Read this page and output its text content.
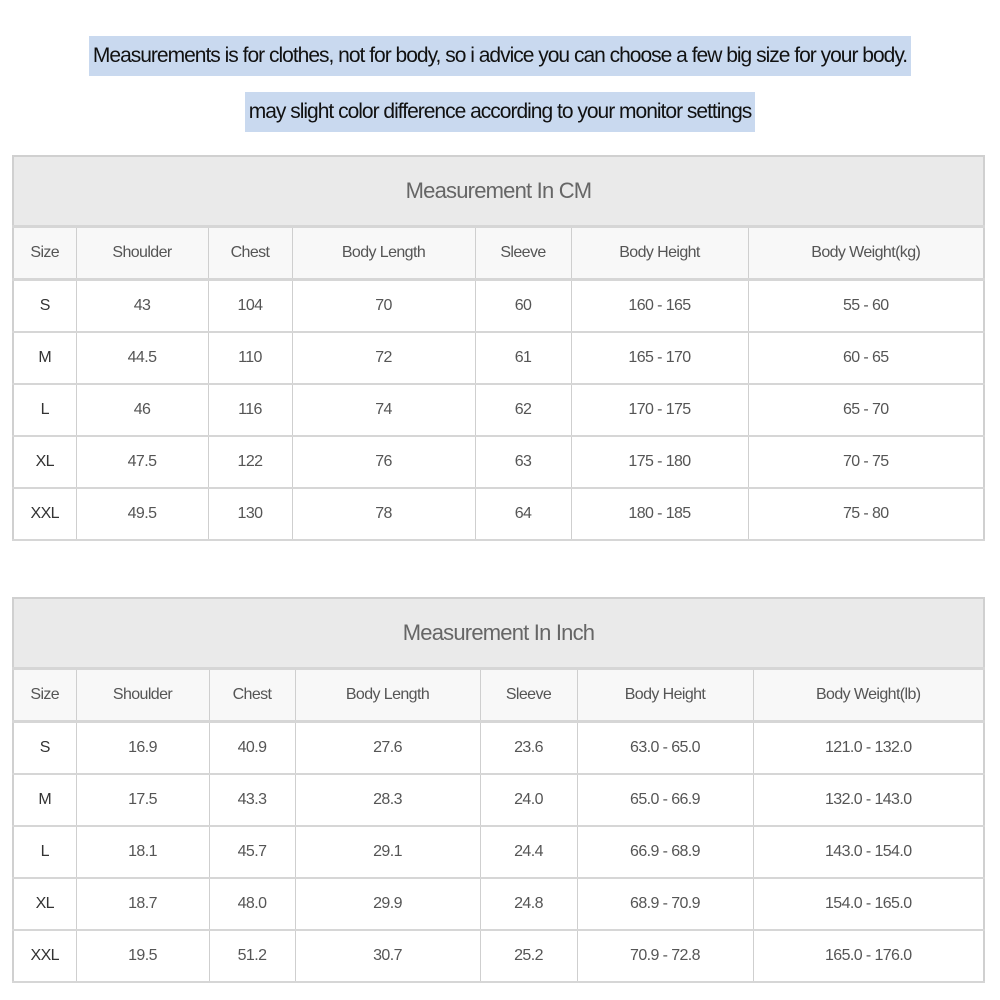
Measurements is for clothes, not for body, so i advice you can choose a few big size for your body.
may slight color difference according to your monitor settings
Measurement In CM						
Size	Shoulder	Chest	Body Length	Sleeve	Body Height	Body Weight(kg)
S	43	104	70	60	160 - 165	55 - 60
M	44.5	110	72	61	165 - 170	60 - 65
L	46	116	74	62	170 - 175	65 - 70
XL	47.5	122	76	63	175 - 180	70 - 75
XXL	49.5	130	78	64	180 - 185	75 - 80
Measurement In Inch						
Size	Shoulder	Chest	Body Length	Sleeve	Body Height	Body Weight(lb)
S	16.9	40.9	27.6	23.6	63.0 - 65.0	121.0 - 132.0
M	17.5	43.3	28.3	24.0	65.0 - 66.9	132.0 - 143.0
L	18.1	45.7	29.1	24.4	66.9 - 68.9	143.0 - 154.0
XL	18.7	48.0	29.9	24.8	68.9 - 70.9	154.0 - 165.0
XXL	19.5	51.2	30.7	25.2	70.9 - 72.8	165.0 - 176.0
